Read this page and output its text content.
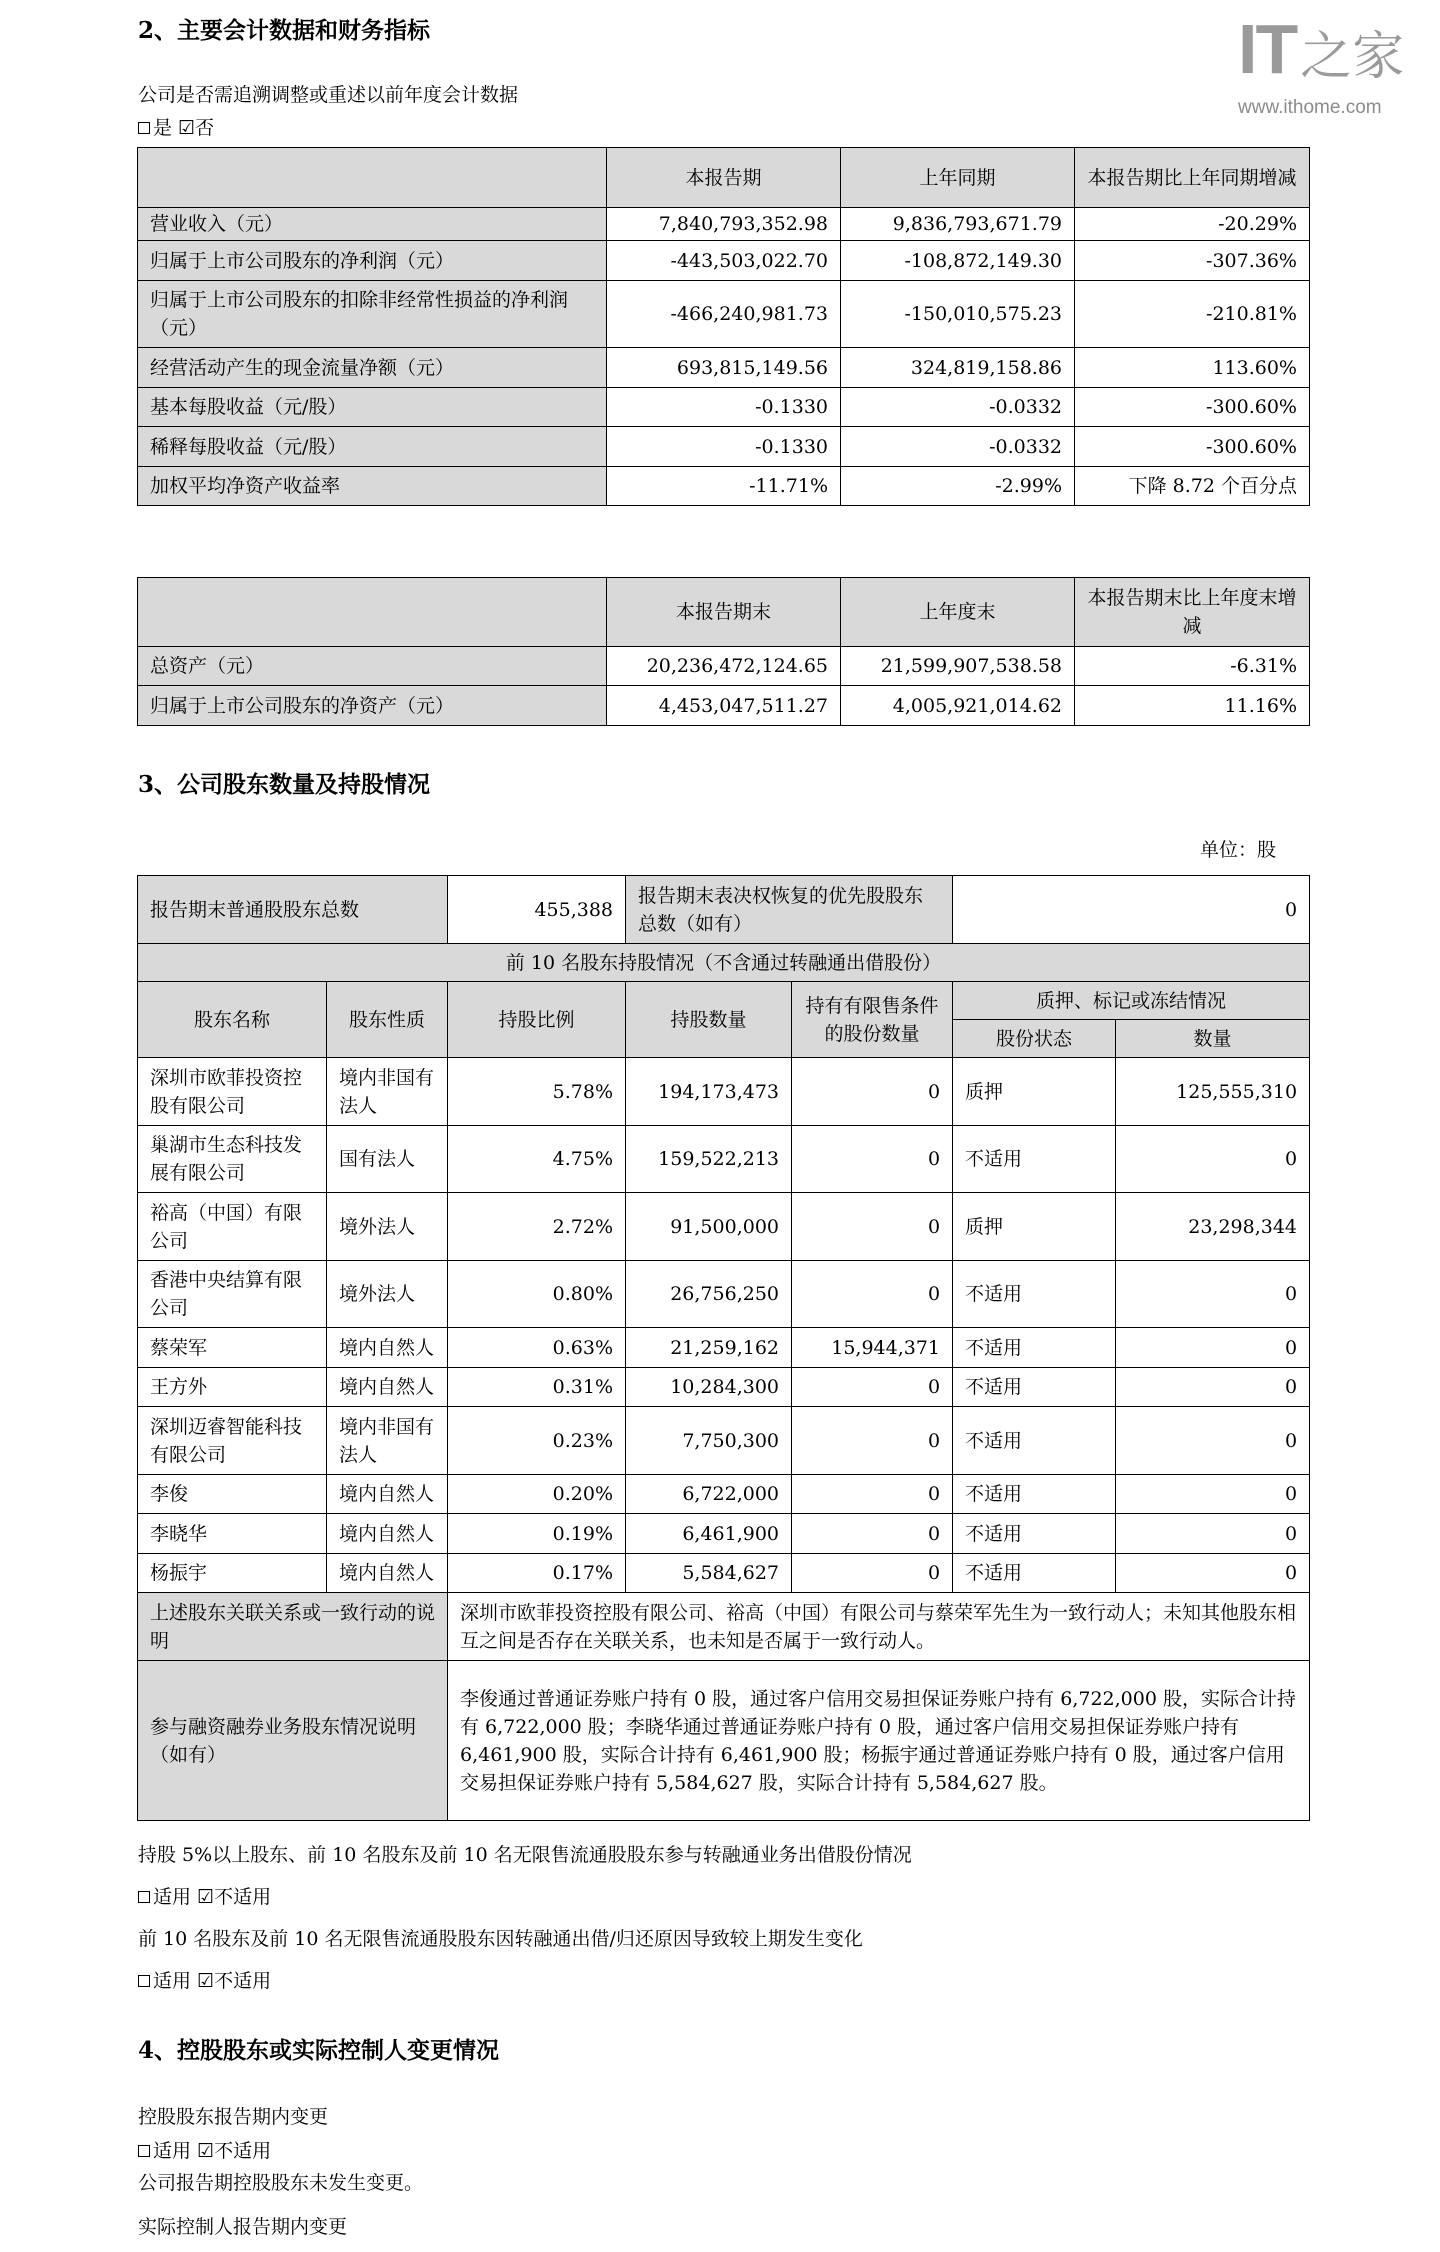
IT之家
www.ithome.com
2、主要会计数据和财务指标
公司是否需追溯调整或重述以前年度会计数据
是 ☑否
	本报告期	上年同期	本报告期比上年同期增减
营业收入（元）	7,840,793,352.98	9,836,793,671.79	-20.29%
归属于上市公司股东的净利润（元）	-443,503,022.70	-108,872,149.30	-307.36%
归属于上市公司股东的扣除非经常性损益的净利润（元）	-466,240,981.73	-150,010,575.23	-210.81%
经营活动产生的现金流量净额（元）	693,815,149.56	324,819,158.86	113.60%
基本每股收益（元/股）	-0.1330	-0.0332	-300.60%
稀释每股收益（元/股）	-0.1330	-0.0332	-300.60%
加权平均净资产收益率	-11.71%	-2.99%	下降 8.72 个百分点
	本报告期末	上年度末	本报告期末比上年度末增减
总资产（元）	20,236,472,124.65	21,599,907,538.58	-6.31%
归属于上市公司股东的净资产（元）	4,453,047,511.27	4,005,921,014.62	11.16%
3、公司股东数量及持股情况
单位：股
报告期末普通股股东总数		455,388	报告期末表决权恢复的优先股股东总数（如有）		0	
前 10 名股东持股情况（不含通过转融通出借股份）						
股东名称	股东性质	持股比例	持股数量	持有有限售条件的股份数量	质押、标记或冻结情况	
					股份状态	数量
深圳市欧菲投资控股有限公司	境内非国有法人	5.78%	194,173,473	0	质押	125,555,310
巢湖市生态科技发展有限公司	国有法人	4.75%	159,522,213	0	不适用	0
裕高（中国）有限公司	境外法人	2.72%	91,500,000	0	质押	23,298,344
香港中央结算有限公司	境外法人	0.80%	26,756,250	0	不适用	0
蔡荣军	境内自然人	0.63%	21,259,162	15,944,371	不适用	0
王方外	境内自然人	0.31%	10,284,300	0	不适用	0
深圳迈睿智能科技有限公司	境内非国有法人	0.23%	7,750,300	0	不适用	0
李俊	境内自然人	0.20%	6,722,000	0	不适用	0
李晓华	境内自然人	0.19%	6,461,900	0	不适用	0
杨振宇	境内自然人	0.17%	5,584,627	0	不适用	0
上述股东关联关系或一致行动的说明		深圳市欧菲投资控股有限公司、裕高（中国）有限公司与蔡荣军先生为一致行动人；未知其他股东相互之间是否存在关联关系，也未知是否属于一致行动人。				
参与融资融券业务股东情况说明（如有）		李俊通过普通证券账户持有 0 股，通过客户信用交易担保证券账户持有 6,722,000 股，实际合计持有 6,722,000 股；李晓华通过普通证券账户持有 0 股，通过客户信用交易担保证券账户持有 6,461,900 股，实际合计持有 6,461,900 股；杨振宇通过普通证券账户持有 0 股，通过客户信用交易担保证券账户持有 5,584,627 股，实际合计持有 5,584,627 股。				
持股 5%以上股东、前 10 名股东及前 10 名无限售流通股股东参与转融通业务出借股份情况
适用 ☑不适用
前 10 名股东及前 10 名无限售流通股股东因转融通出借/归还原因导致较上期发生变化
适用 ☑不适用
4、控股股东或实际控制人变更情况
控股股东报告期内变更
适用 ☑不适用
公司报告期控股股东未发生变更。
实际控制人报告期内变更
